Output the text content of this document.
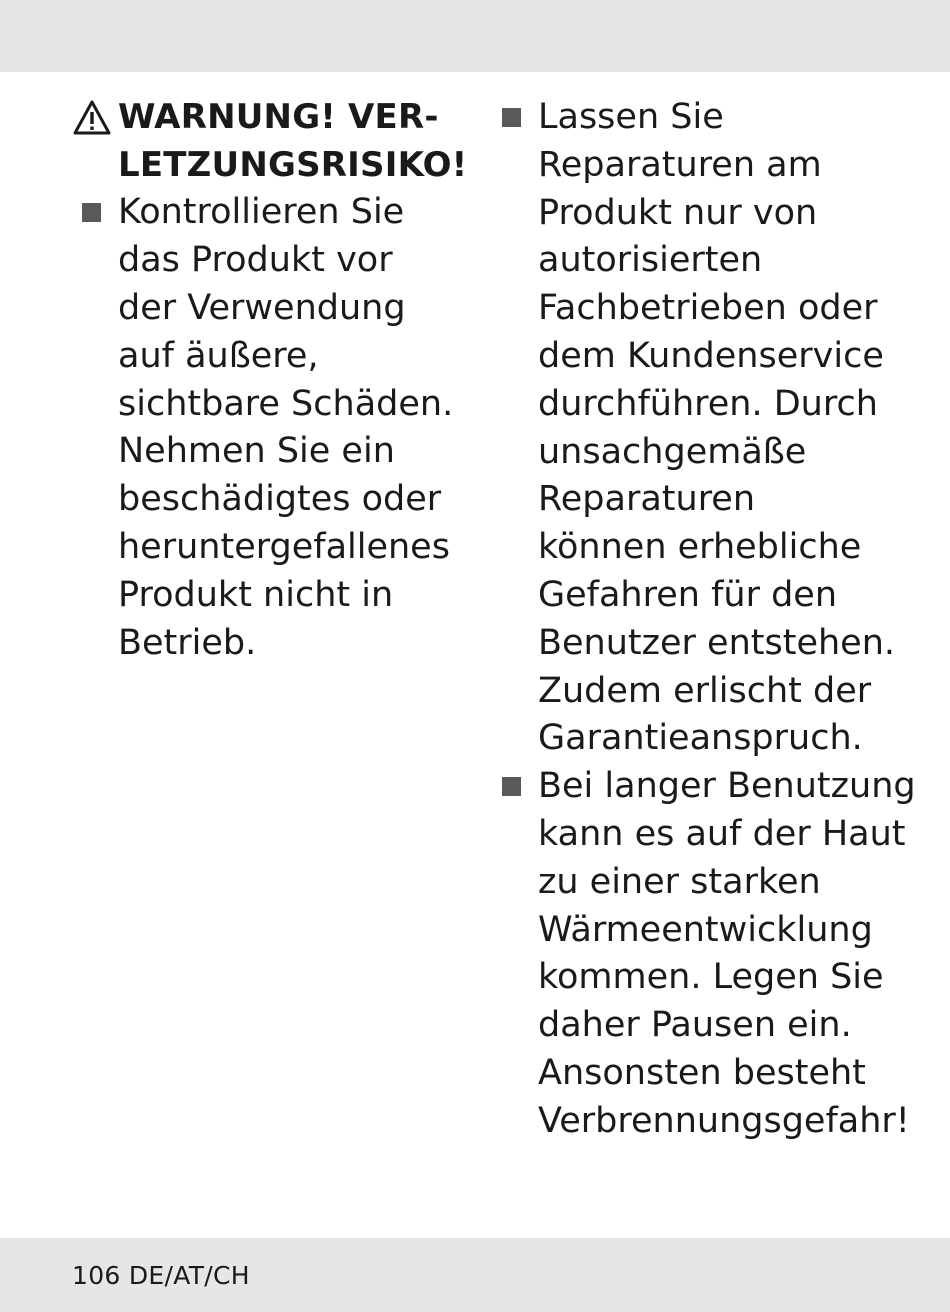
WARNUNG! VER-
LETZUNGSRISIKO!
Kontrollieren Sie
das Produkt vor
der Verwendung
auf äußere,
sichtbare Schäden.
Nehmen Sie ein
beschädigtes oder
heruntergefallenes
Produkt nicht in
Betrieb.
Lassen Sie
Reparaturen am
Produkt nur von
autorisierten
Fachbetrieben oder
dem Kundenservice
durchführen. Durch
unsachgemäße
Reparaturen
können erhebliche
Gefahren für den
Benutzer entstehen.
Zudem erlischt der
Garantieanspruch.
Bei langer Benutzung
kann es auf der Haut
zu einer starken
Wärmeentwicklung
kommen. Legen Sie
daher Pausen ein.
Ansonsten besteht
Verbrennungsgefahr!
106 DE/AT/CH
